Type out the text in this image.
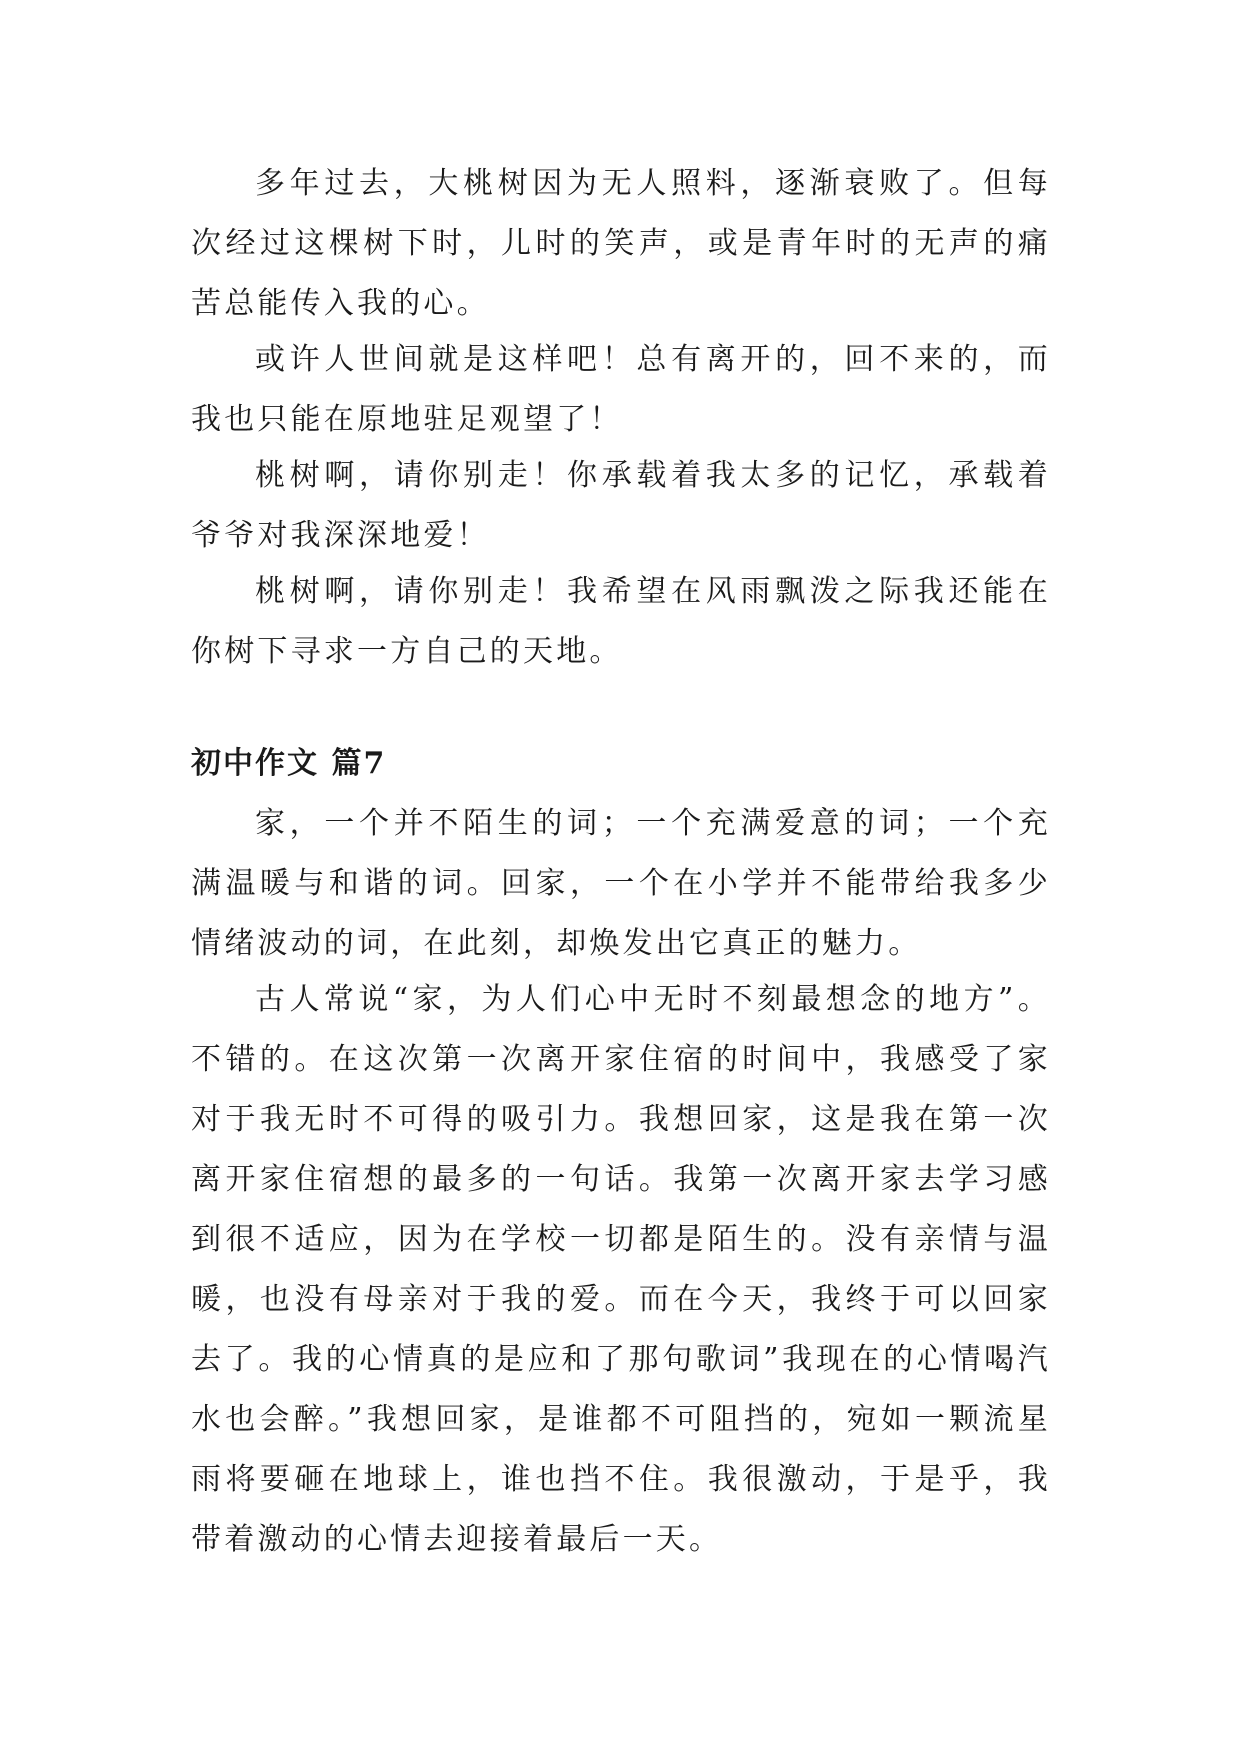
多年过去，大桃树因为无人照料，逐渐衰败了。但每次经过这棵树下时，儿时的笑声，或是青年时的无声的痛苦总能传入我的心。

或许人世间就是这样吧！总有离开的，回不来的，而我也只能在原地驻足观望了！

桃树啊，请你别走！你承载着我太多的记忆，承载着爷爷对我深深地爱！

桃树啊，请你别走！我希望在风雨飘泼之际我还能在你树下寻求一方自己的天地。

初中作文 篇7

家，一个并不陌生的词；一个充满爱意的词；一个充满温暖与和谐的词。回家，一个在小学并不能带给我多少情绪波动的词，在此刻，却焕发出它真正的魅力。

古人常说“家，为人们心中无时不刻最想念的地方”。不错的。在这次第一次离开家住宿的时间中，我感受了家对于我无时不可得的吸引力。我想回家，这是我在第一次离开家住宿想的最多的一句话。我第一次离开家去学习感到很不适应，因为在学校一切都是陌生的。没有亲情与温暖，也没有母亲对于我的爱。而在今天，我终于可以回家去了。我的心情真的是应和了那句歌词”我现在的心情喝汽水也会醉。”我想回家，是谁都不可阻挡的，宛如一颗流星雨将要砸在地球上，谁也挡不住。我很激动，于是乎，我带着激动的心情去迎接着最后一天。
